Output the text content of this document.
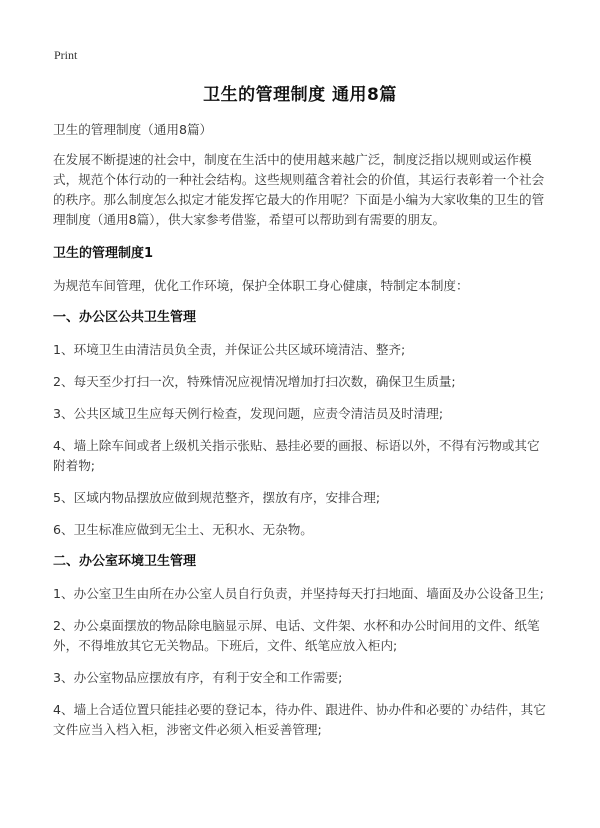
Print
卫生的管理制度 通用8篇

卫生的管理制度（通用8篇）

在发展不断提速的社会中，制度在生活中的使用越来越广泛，制度泛指以规则或运作模式，规范个体行动的一种社会结构。这些规则蕴含着社会的价值，其运行表彰着一个社会的秩序。那么制度怎么拟定才能发挥它最大的作用呢？下面是小编为大家收集的卫生的管理制度（通用8篇），供大家参考借鉴，希望可以帮助到有需要的朋友。

卫生的管理制度1

为规范车间管理，优化工作环境，保护全体职工身心健康，特制定本制度：

一、办公区公共卫生管理

1、环境卫生由清洁员负全责，并保证公共区域环境清洁、整齐;

2、每天至少打扫一次，特殊情况应视情况增加打扫次数，确保卫生质量;

3、公共区域卫生应每天例行检查，发现问题，应责令清洁员及时清理;

4、墙上除车间或者上级机关指示张贴、悬挂必要的画报、标语以外，不得有污物或其它附着物;

5、区域内物品摆放应做到规范整齐，摆放有序，安排合理;

6、卫生标准应做到无尘土、无积水、无杂物。

二、办公室环境卫生管理

1、办公室卫生由所在办公室人员自行负责，并坚持每天打扫地面、墙面及办公设备卫生;

2、办公桌面摆放的物品除电脑显示屏、电话、文件架、水杯和办公时间用的文件、纸笔外，不得堆放其它无关物品。下班后，文件、纸笔应放入柜内;

3、办公室物品应摆放有序，有利于安全和工作需要;

4、墙上合适位置只能挂必要的登记本，待办件、跟进件、协办件和必要的`办结件，其它文件应当入档入柜，涉密文件必须入柜妥善管理;
